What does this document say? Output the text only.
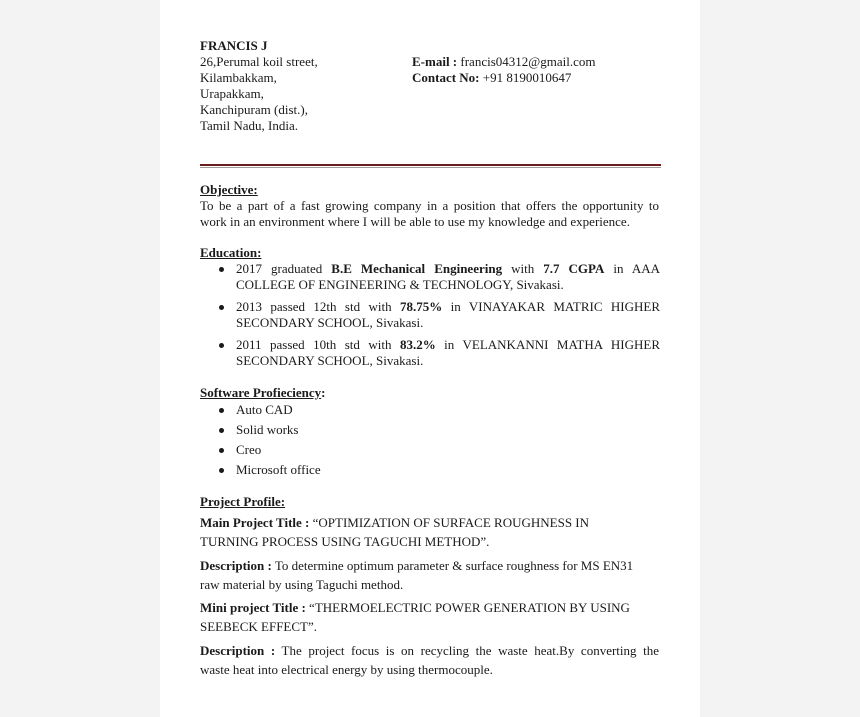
FRANCIS J
26,Perumal koil street,
Kilambakkam,
Urapakkam,
Kanchipuram (dist.),
Tamil Nadu, India.
E-mail : francis04312@gmail.com
Contact No: +91 8190010647
Objective:
To be a part of a fast growing company in a position that offers the opportunity to
work in an environment where I will be able to use my knowledge and experience.
Education:
2017 graduated B.E Mechanical Engineering with 7.7 CGPA in AAA
COLLEGE OF ENGINEERING & TECHNOLOGY, Sivakasi.
2013 passed 12th std with 78.75% in VINAYAKAR MATRIC HIGHER
SECONDARY SCHOOL, Sivakasi.
2011 passed 10th std with 83.2% in VELANKANNI MATHA HIGHER
SECONDARY SCHOOL, Sivakasi.
Software Profieciency:
Auto CAD
Solid works
Creo
Microsoft office
Project Profile:
Main Project Title : “OPTIMIZATION OF SURFACE ROUGHNESS IN
TURNING PROCESS USING TAGUCHI METHOD”.
Description : To determine optimum parameter & surface roughness for MS EN31
raw material by using Taguchi method.
Mini project Title : “THERMOELECTRIC POWER GENERATION BY USING
SEEBECK EFFECT”.
Description : The project focus is on recycling the waste heat.By converting the
waste heat into electrical energy by using thermocouple.
